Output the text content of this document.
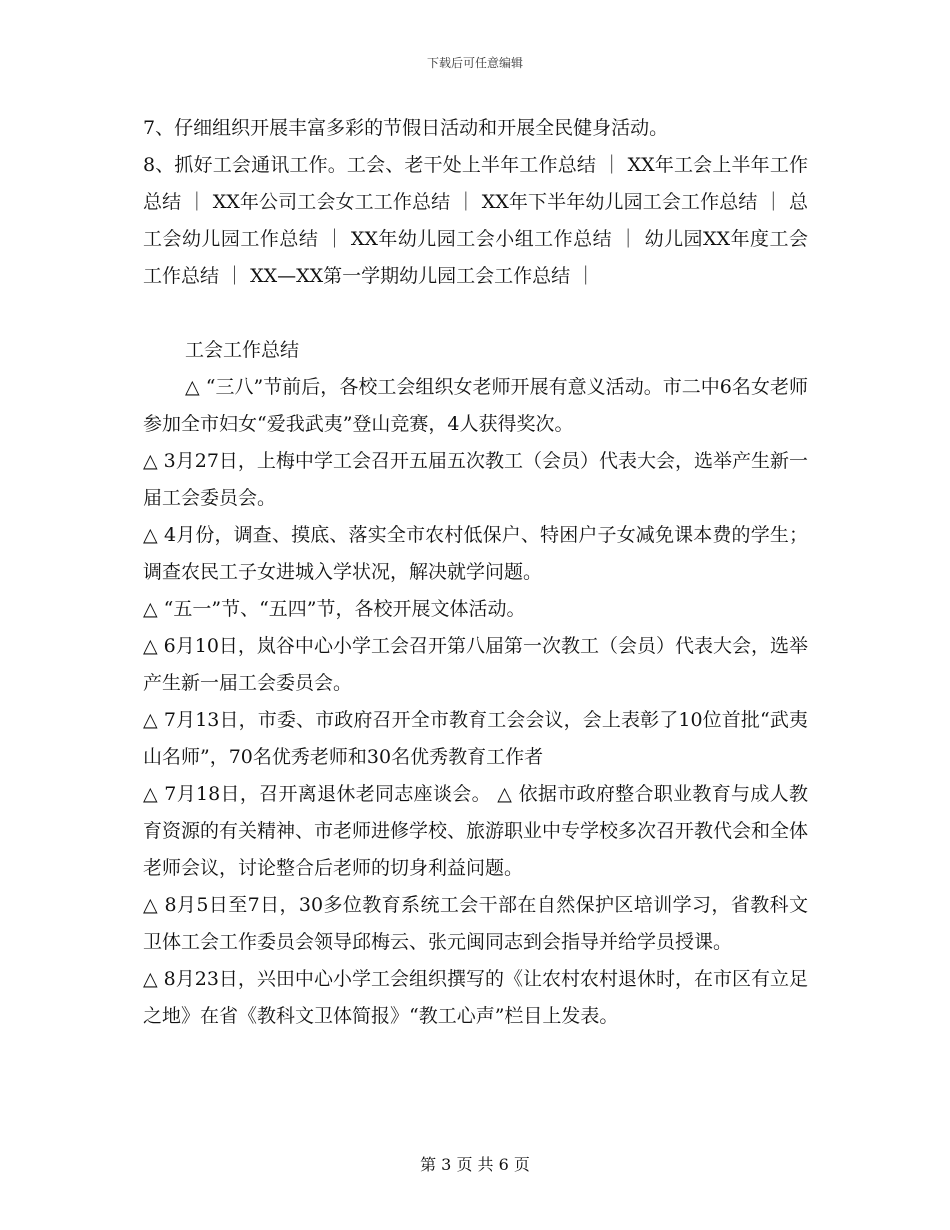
下载后可任意编辑

7、仔细组织开展丰富多彩的节假日活动和开展全民健身活动。

8、抓好工会通讯工作。工会、老干处上半年工作总结 ｜ XX年工会上半年工作总结 ｜ XX年公司工会女工工作总结 ｜ XX年下半年幼儿园工会工作总结 ｜ 总工会幼儿园工作总结 ｜ XX年幼儿园工会小组工作总结 ｜ 幼儿园XX年度工会工作总结 ｜ XX—XX第一学期幼儿园工会工作总结 ｜

工会工作总结

△ “三八”节前后，各校工会组织女老师开展有意义活动。市二中6名女老师参加全市妇女“爱我武夷”登山竞赛，4人获得奖次。

△ 3月27日，上梅中学工会召开五届五次教工（会员）代表大会，选举产生新一届工会委员会。

△ 4月份，调查、摸底、落实全市农村低保户、特困户子女减免课本费的学生；调查农民工子女进城入学状况，解决就学问题。

△ “五一”节、“五四”节，各校开展文体活动。

△ 6月10日，岚谷中心小学工会召开第八届第一次教工（会员）代表大会，选举产生新一届工会委员会。

△ 7月13日，市委、市政府召开全市教育工会会议，会上表彰了10位首批“武夷山名师”，70名优秀老师和30名优秀教育工作者

△ 7月18日，召开离退休老同志座谈会。 △ 依据市政府整合职业教育与成人教育资源的有关精神、市老师进修学校、旅游职业中专学校多次召开教代会和全体老师会议，讨论整合后老师的切身利益问题。

△ 8月5日至7日，30多位教育系统工会干部在自然保护区培训学习，省教科文卫体工会工作委员会领导邱梅云、张元闽同志到会指导并给学员授课。

△ 8月23日，兴田中心小学工会组织撰写的《让农村农村退休时，在市区有立足之地》在省《教科文卫体简报》“教工心声”栏目上发表。

第 3 页 共 6 页
